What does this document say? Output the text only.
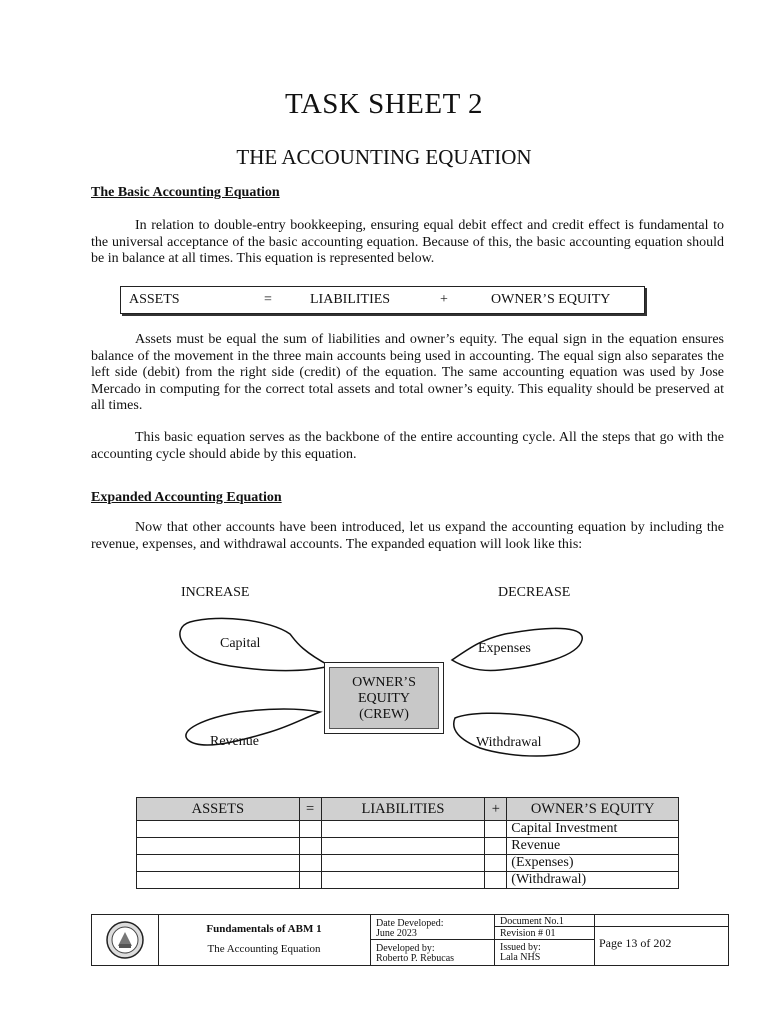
TASK SHEET 2
THE ACCOUNTING EQUATION
The Basic Accounting Equation

In relation to double-entry bookkeeping, ensuring equal debit effect and credit effect is fundamental to the universal acceptance of the basic accounting equation. Because of this, the basic accounting equation should be in balance at all times. This equation is represented below.

ASSETS	=	LIABILITIES	+	OWNER’S EQUITY

Assets must be equal the sum of liabilities and owner’s equity. The equal sign in the equation ensures balance of the movement in the three main accounts being used in accounting. The equal sign also separates the left side (debit) from the right side (credit) of the equation. The same accounting equation was used by Jose Mercado in computing for the correct total assets and total owner’s equity. This equality should be preserved at all times.

This basic equation serves as the backbone of the entire accounting cycle. All the steps that go with the accounting cycle should abide by this equation.

Expanded Accounting Equation

Now that other accounts have been introduced, let us expand the accounting equation by including the revenue, expenses, and withdrawal accounts. The expanded equation will look like this:

INCREASE	DECREASE
Capital	Expenses
Revenue	Withdrawal
OWNER’S
EQUITY
(CREW)
ASSETS	=	LIABILITIES	+	OWNER’S EQUITY
				Capital Investment
				Revenue
				(Expenses)
				(Withdrawal)
Fundamentals of ABM 1
The Accounting Equation
Date Developed:
June 2023
Developed by:
Roberto P. Rebucas
Document No.1
Revision # 01
Issued by:
Lala NHS
Page 13 of 202
